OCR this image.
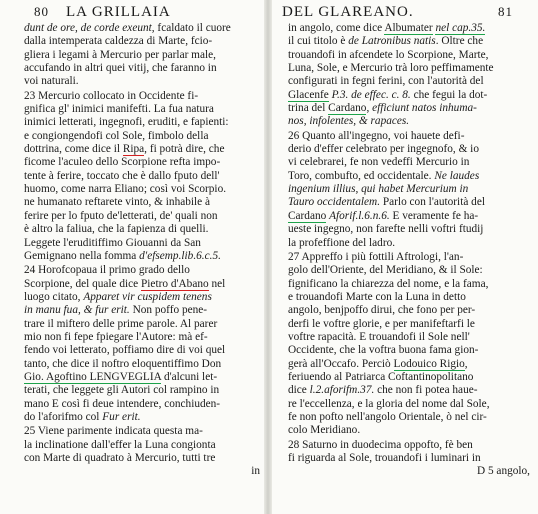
80 LA GRILLAIA
dunt de ore, de corde exeunt, fcaldato il cuore
dalla intemperata caldezza di Marte, fcio-
gliera i legami à Mercurio per parlar male,
accufando in altri quei vitij, che faranno in
voi naturali.
23 Mercurio collocato in Occidente fi-
gnifica gl' inimici manifefti. La fua natura
inimici letterati, ingegnofi, eruditi, e fapienti:
e congiongendofi col Sole, fimbolo della
dottrina, come dice il Ripa, fi potrà dire, che
ficome l'aculeo dello Scorpione refta impo-
tente à ferire, toccato che è dallo fputo dell'
huomo, come narra Eliano; così voi Scorpio.
ne humanato reftarete vinto, & inhabile à
ferire per lo fputo de'letterati, de' quali non
è altro la faliua, che la fapienza di quelli.
Leggete l'eruditiffimo Giouanni da San
Gemignano nella fomma d'efsemp.lib.6.c.5.
24 Horofcopaua il primo grado dello
Scorpione, del quale dice Pietro d'Abano nel
luogo citato, Apparet vir cuspidem tenens
in manu fua, & fur erit. Non poffo pene-
trare il miftero delle prime parole. Al parer
mio non fi fepe fpiegare l'Autore: mà ef-
fendo voi letterato, poffiamo dire di voi quel
tanto, che dice il noftro eloquentiffimo Don
Gio. Agoftino LENGVEGLIA d'alcuni let-
terati, che leggete gli Autori col rampino in
mano E così fi deue intendere, conchiuden-
do l'aforifmo col Fur erit.
25 Viene parimente indicata questa ma-
la inclinatione dall'effer la Luna congionta
con Marte di quadrato à Mercurio, tutti tre
in
DEL GLAREANO.	81
in angolo, come dice Albumater nel cap.35.
il cui titolo è de Latronibus natis. Oltre che
trouandofi in afcendete lo Scorpione, Marte,
Luna, Sole, e Mercurio trà loro peffimamente
configurati in fegni ferini, con l'autorità del
Glacenfe P.3. de effec. c. 8. che fegui la dot-
trina del Cardano, efficiunt natos inhuma-
nos, infolentes, & rapaces.
26 Quanto all'ingegno, voi hauete defi-
derio d'effer celebrato per ingegnofo, & io
vi celebrarei, fe non vedeffi Mercurio in
Toro, combufto, ed occidentale. Ne laudes
ingenium illius, qui habet Mercurium in
Tauro occidentalem. Parlo con l'autorità del
Cardano Aforif.l.6.n.6. E veramente fe ha-
ueste ingegno, non farefte nelli voftri ftudij
la profeffione del ladro.
27 Appreffo i più fottili Aftrologi, l'an-
golo dell'Oriente, del Meridiano, & il Sole:
fignificano la chiarezza del nome, e la fama,
e trouandofi Marte con la Luna in detto
angolo, benjpoffo dirui, che fono per per-
derfi le voftre glorie, e per manifeftarfi le
voftre rapacità. E trouandofi il Sole nell'
Occidente, che la voftra buona fama gion-
gerà all'Occafo. Perciò Lodouico Rigio,
feriuendo al Patriarca Coftantinopolitano
dice l.2.aforifm.37. che non fi potea haue-
re l'eccellenza, e la gloria del nome dal Sole,
fe non pofto nell'angolo Orientale, ò nel cir-
colo Meridiano.
28 Saturno in duodecima oppofto, fè ben
fi riguarda al Sole, trouandofi i luminari in
D 5 angolo,
